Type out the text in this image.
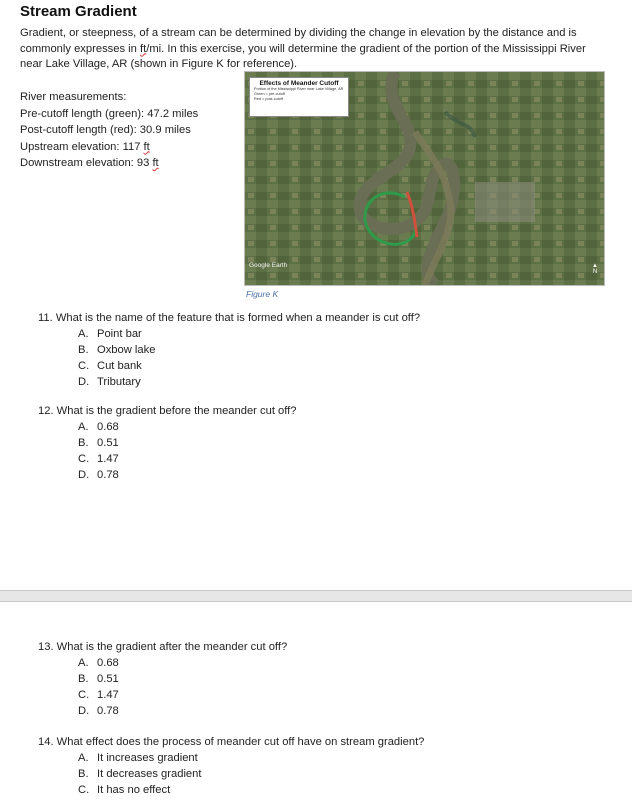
Stream Gradient
Gradient, or steepness, of a stream can be determined by dividing the change in elevation by the distance and is commonly expresses in ft/mi. In this exercise, you will determine the gradient of the portion of the Mississippi River near Lake Village, AR (shown in Figure K for reference).
River measurements:
Pre-cutoff length (green): 47.2 miles
Post-cutoff length (red): 30.9 miles
Upstream elevation: 117 ft
Downstream elevation: 93 ft
Effects of Meander Cutoff
Portion of the Mississippi River near Lake Village, AR
Green = pre-cutoff
Red = post-cutoff
Google Earth	▲
N
Figure K
11. What is the name of the feature that is formed when a meander is cut off?
A. Point bar
B. Oxbow lake
C. Cut bank
D. Tributary
12. What is the gradient before the meander cut off?
A. 0.68
B. 0.51
C. 1.47
D. 0.78
13. What is the gradient after the meander cut off?
A. 0.68
B. 0.51
C. 1.47
D. 0.78
14. What effect does the process of meander cut off have on stream gradient?
A. It increases gradient
B. It decreases gradient
C. It has no effect
